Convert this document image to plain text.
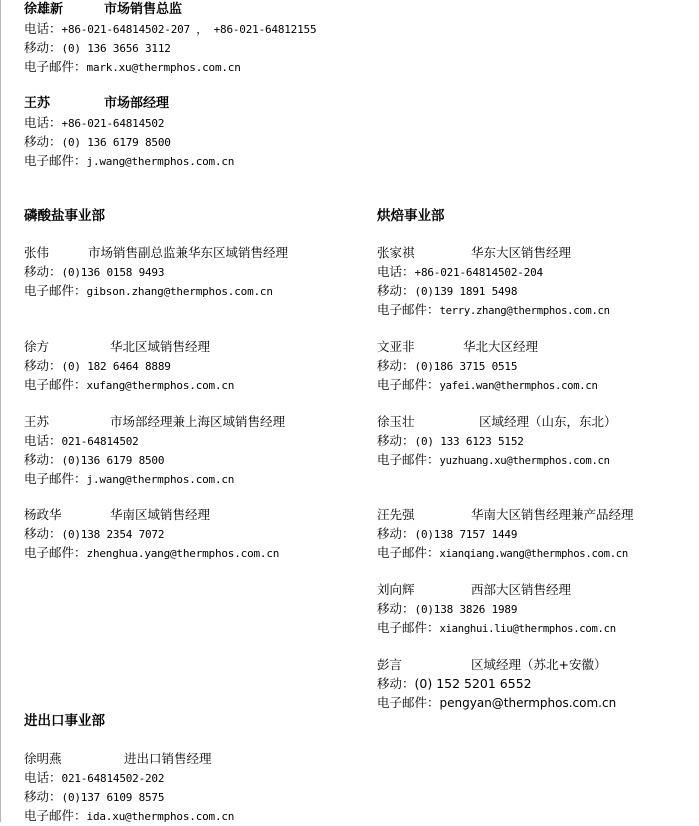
徐雄新	市场销售总监
电话：+86-021-64814502-207 ， +86-021-64812155
移动：(0) 136 3656 3112
电子邮件：mark.xu@thermphos.com.cn
王苏	市场部经理
电话：+86-021-64814502
移动：(0) 136 6179 8500
电子邮件：j.wang@thermphos.com.cn
磷酸盐事业部	烘焙事业部
张伟	市场销售副总监兼华东区域销售经理
移动：(0)136 0158 9493
电子邮件：gibson.zhang@thermphos.com.cn
徐方	华北区域销售经理
移动：(0) 182 6464 8889
电子邮件：xufang@thermphos.com.cn
王苏	市场部经理兼上海区域销售经理
电话：021-64814502
移动：(0)136 6179 8500
电子邮件：j.wang@thermphos.com.cn
杨政华	华南区域销售经理
移动：(0)138 2354 7072
电子邮件：zhenghua.yang@thermphos.com.cn
张家祺	华东大区销售经理
电话：+86-021-64814502-204
移动：(0)139 1891 5498
电子邮件：terry.zhang@thermphos.com.cn
文亚非	华北大区经理
移动：(0)186 3715 0515
电子邮件：yafei.wan@thermphos.com.cn
徐玉壮	区域经理（山东，东北）
移动：(0) 133 6123 5152
电子邮件：yuzhuang.xu@thermphos.com.cn
汪先强	华南大区销售经理兼产品经理
移动：(0)138 7157 1449
电子邮件：xianqiang.wang@thermphos.com.cn
刘向辉	西部大区销售经理
移动：(0)138 3826 1989
电子邮件：xianghui.liu@thermphos.com.cn
彭言	区域经理（苏北+安徽）
移动：(0) 152 5201 6552
电子邮件：pengyan@thermphos.com.cn
进出口事业部
徐明燕	进出口销售经理
电话：021-64814502-202
移动：(0)137 6109 8575
电子邮件：ida.xu@thermphos.com.cn
